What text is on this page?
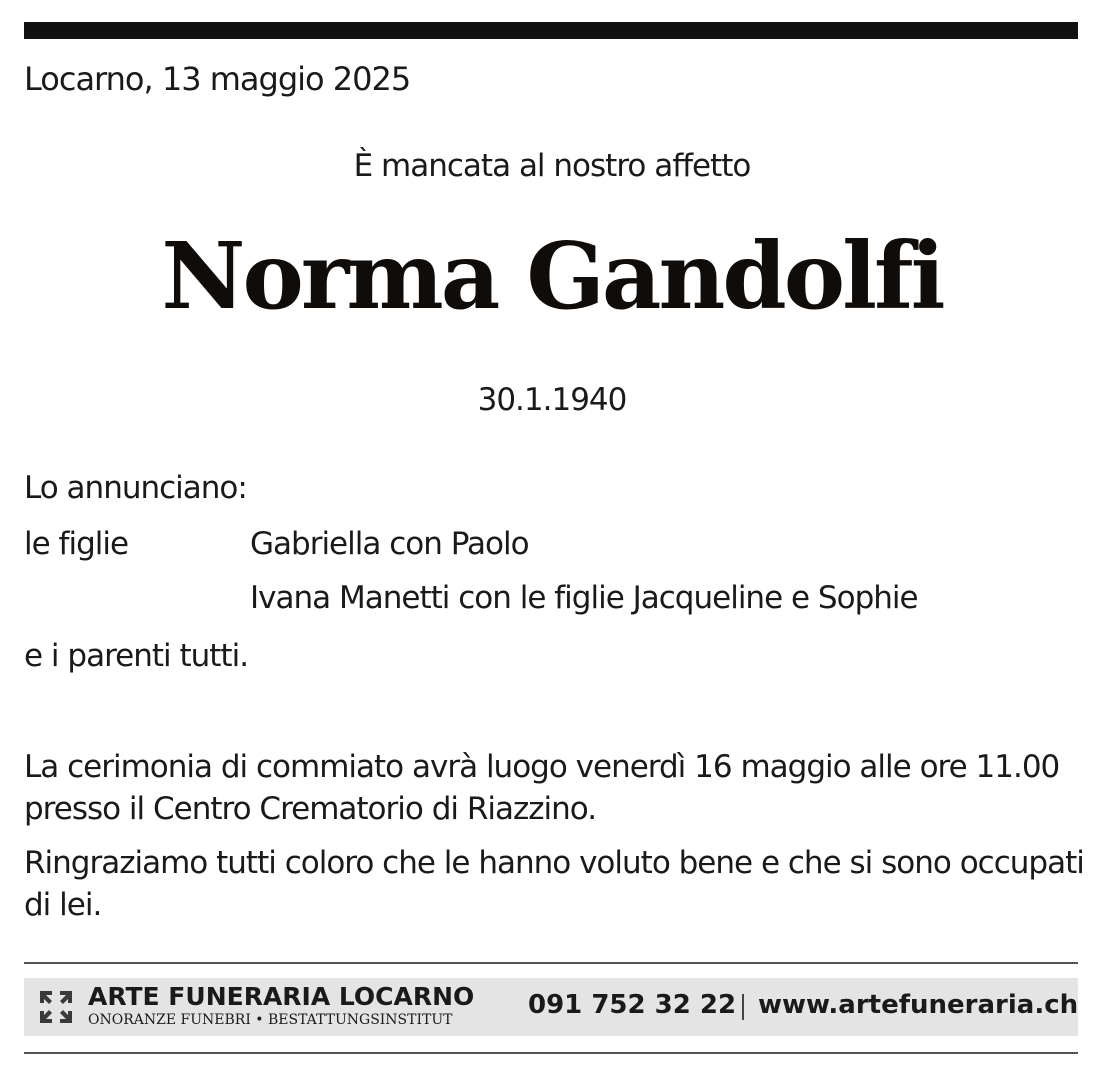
Locarno, 13 maggio 2025
È mancata al nostro affetto
Norma Gandolfi
30.1.1940
Lo annunciano:
le figlie	Gabriella con Paolo
Ivana Manetti con le figlie Jacqueline e Sophie
e i parenti tutti.
La cerimonia di commiato avrà luogo venerdì 16 maggio alle ore 11.00 presso il Centro Crematorio di Riazzino.
Ringraziamo tutti coloro che le hanno voluto bene e che si sono occupati di lei.
ARTE FUNERARIA LOCARNO
ONORANZE FUNEBRI • BESTATTUNGSINSTITUT	091 752 32 22 www.artefuneraria.ch
